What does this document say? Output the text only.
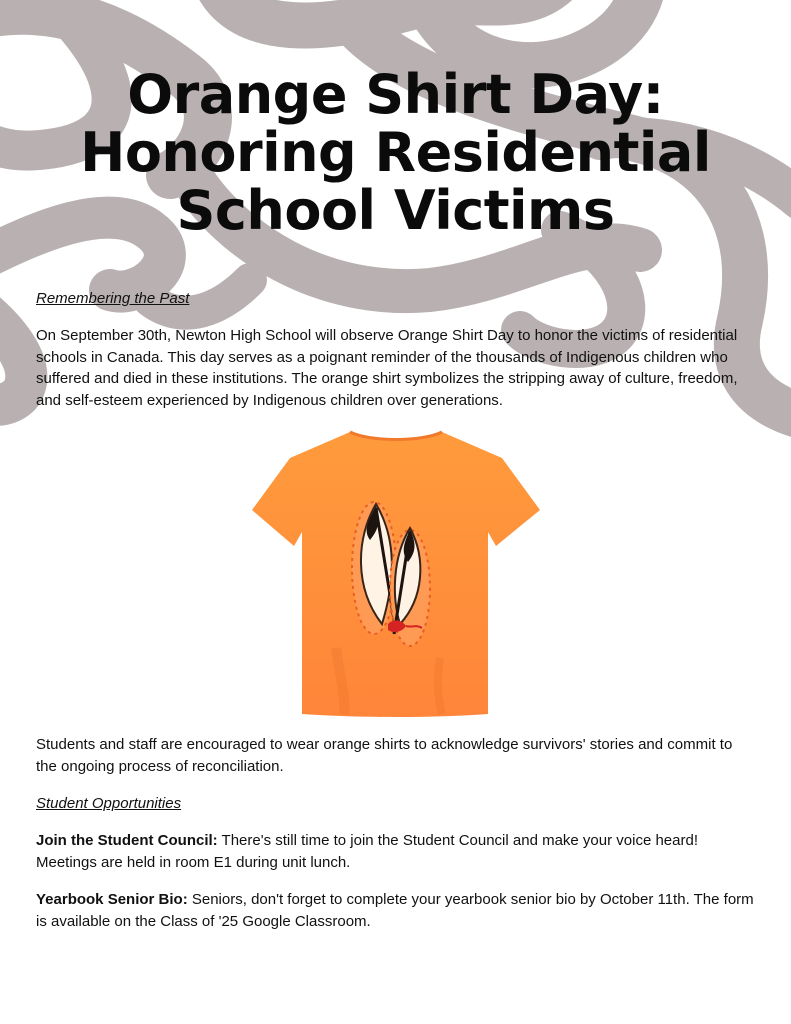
Orange Shirt Day:
Honoring Residential
School Victims

Remembering the Past

On September 30th, Newton High School will observe Orange Shirt Day to honor the victims of residential schools in Canada. This day serves as a poignant reminder of the thousands of Indigenous children who suffered and died in these institutions. The orange shirt symbolizes the stripping away of culture, freedom, and self-esteem experienced by Indigenous children over generations.

Students and staff are encouraged to wear orange shirts to acknowledge survivors' stories and commit to the ongoing process of reconciliation.

Student Opportunities

Join the Student Council: There's still time to join the Student Council and make your voice heard! Meetings are held in room E1 during unit lunch.

Yearbook Senior Bio: Seniors, don't forget to complete your yearbook senior bio by October 11th. The form is available on the Class of '25 Google Classroom.
